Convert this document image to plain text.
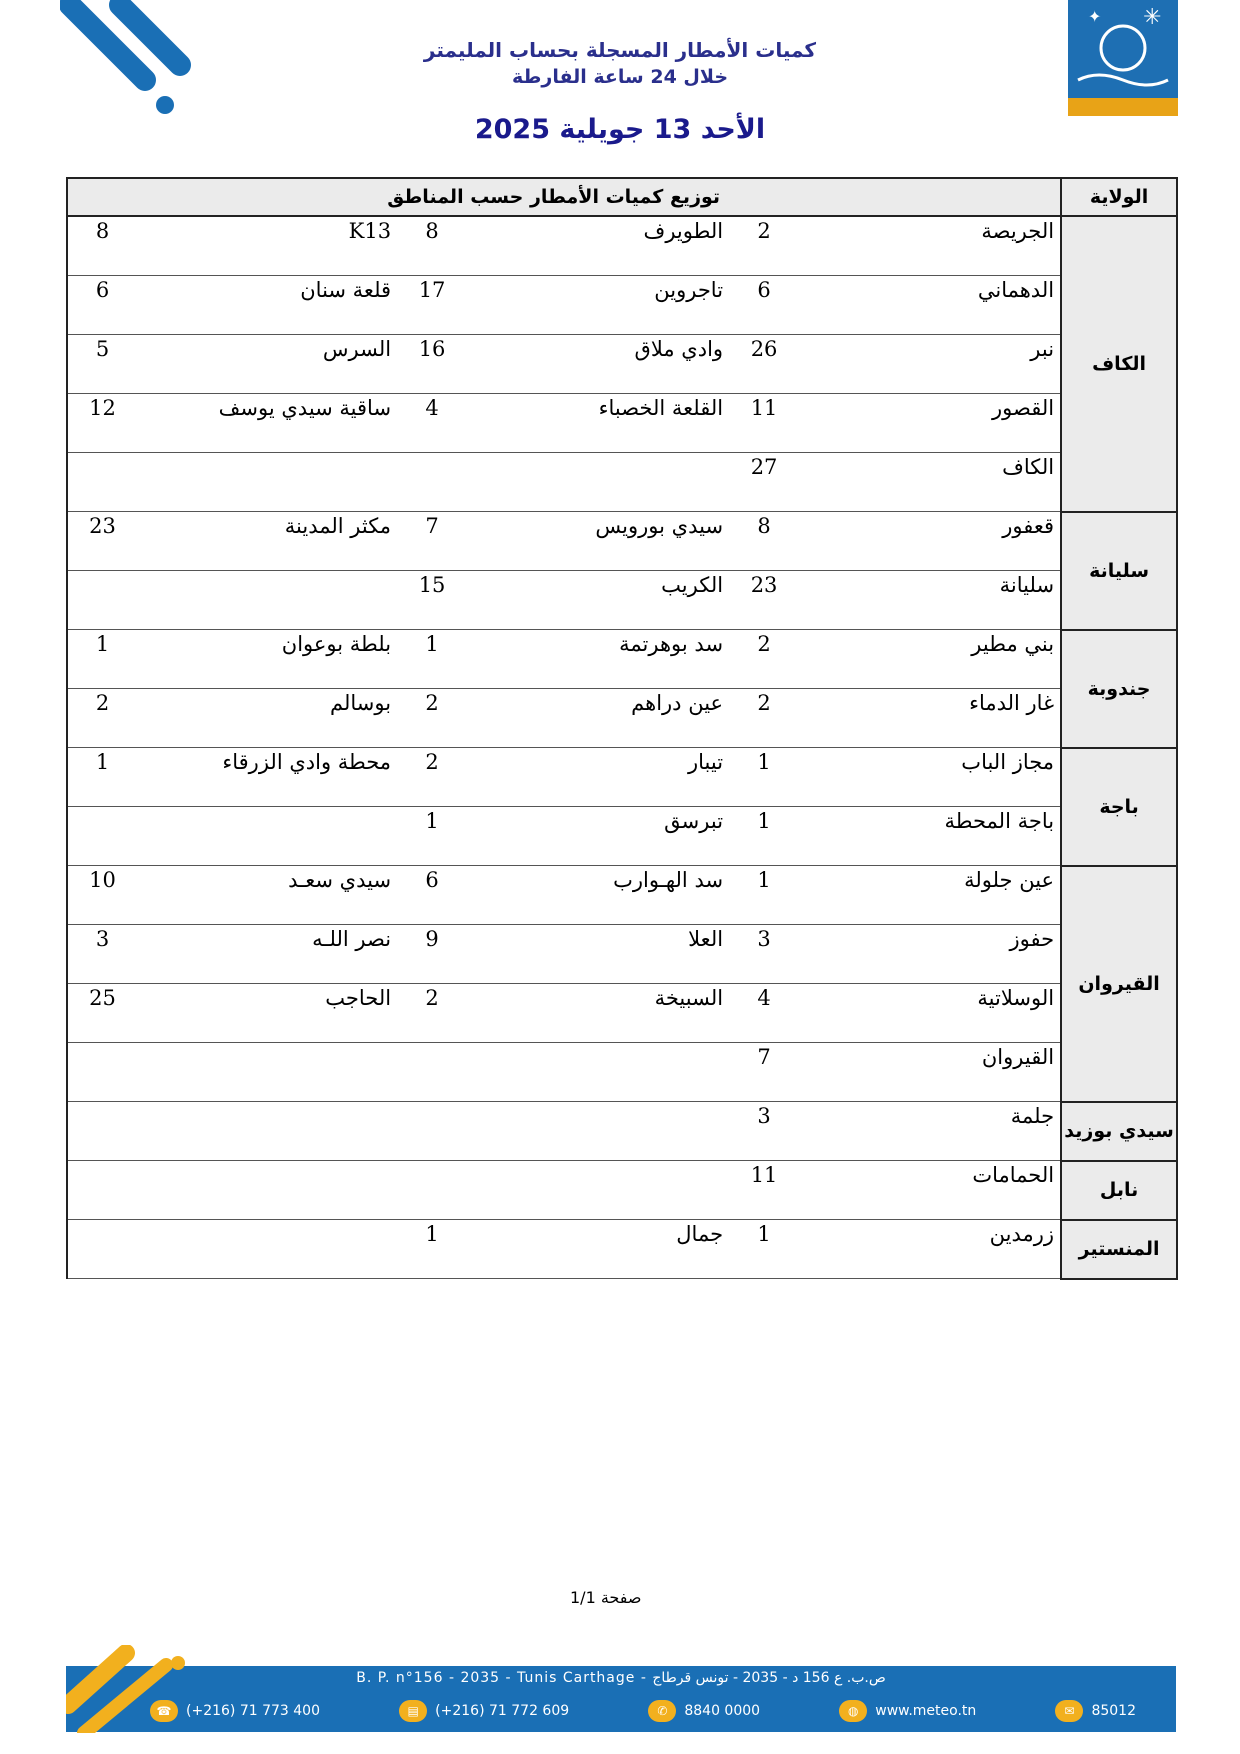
✦ ✳
كميات الأمطار المسجلة بحساب المليمتر
خلال 24 ساعة الفارطة
الأحد 13 جويلية 2025
الولاية	توزيع كميات الأمطار حسب المناطق					
الكاف	الجريصة	2	الطويرف	8	K13	8
	الدهماني	6	تاجروين	17	قلعة سنان	6
	نبر	26	وادي ملاق	16	السرس	5
	القصور	11	القلعة الخصباء	4	ساقية سيدي يوسف	12
	الكاف	27				
سليانة	قعفور	8	سيدي بورويس	7	مكثر المدينة	23
	سليانة	23	الكريب	15		
جندوبة	بني مطير	2	سد بوهرتمة	1	بلطة بوعوان	1
	غار الدماء	2	عين دراهم	2	بوسالم	2
باجة	مجاز الباب	1	تيبار	2	محطة وادي الزرقاء	1
	باجة المحطة	1	تبرسق	1		
القيروان	عين جلولة	1	سد الهـوارب	6	سيدي سعـد	10
	حفوز	3	العلا	9	نصر اللـه	3
	الوسلاتية	4	السبيخة	2	الحاجب	25
	القيروان	7				
سيدي بوزيد	جلمة	3				
نابل	الحمامات	11				
المنستير	زرمدين	1	جمال	1		
صفحة 1/1
B. P. n°156 - 2035 - Tunis Carthage - ص.ب. ع 156 د - 2035 - تونس قرطاج
☎	(+216) 71 773 400	▤	(+216) 71 772 609	✆	8840 0000	◍	www.meteo.tn	✉	85012
